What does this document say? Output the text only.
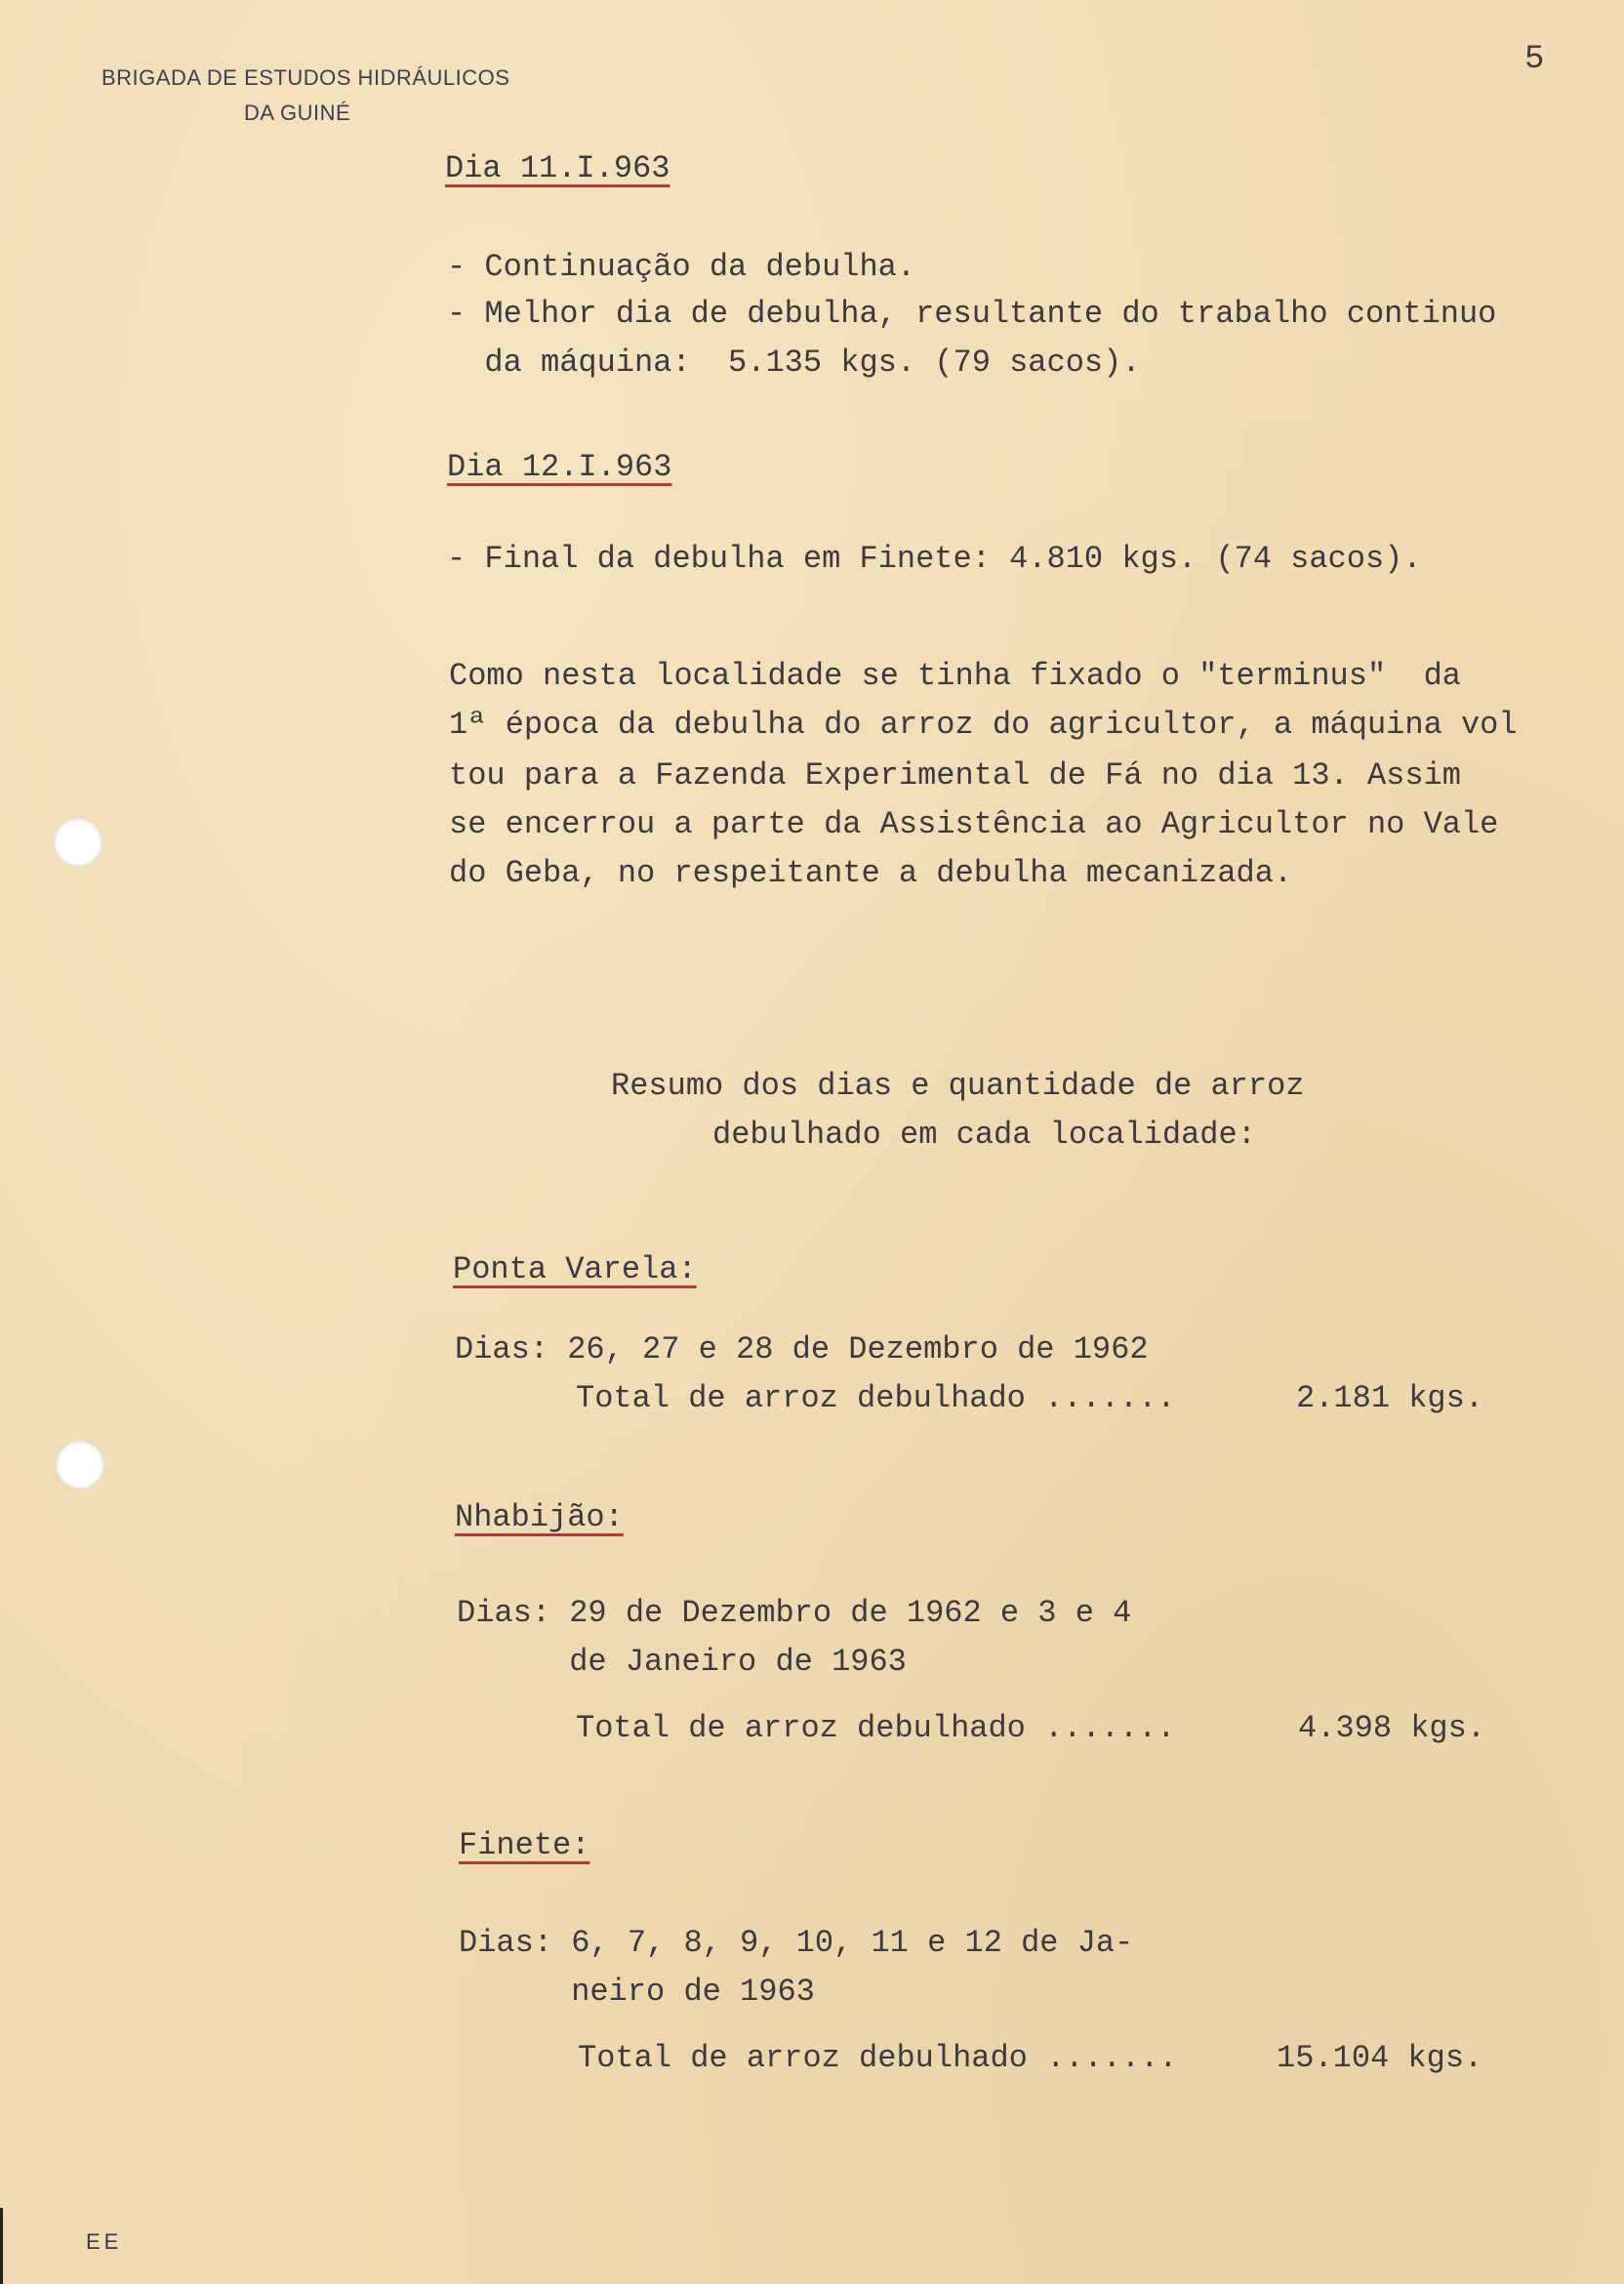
BRIGADA DE ESTUDOS HIDRÁULICOS
DA GUINÉ
5
Dia 11.I.963
- Continuação da debulha.
- Melhor dia de debulha, resultante do trabalho continuo
da máquina:  5.135 kgs. (79 sacos).
Dia 12.I.963
- Final da debulha em Finete: 4.810 kgs. (74 sacos).
Como nesta localidade se tinha fixado o "terminus"  da
1ª época da debulha do arroz do agricultor, a máquina vol
tou para a Fazenda Experimental de Fá no dia 13. Assim
se encerrou a parte da Assistência ao Agricultor no Vale
do Geba, no respeitante a debulha mecanizada.
Resumo dos dias e quantidade de arroz
debulhado em cada localidade:
Ponta Varela:
Dias: 26, 27 e 28 de Dezembro de 1962
Total de arroz debulhado .......	2.181 kgs.
Nhabijão:
Dias: 29 de Dezembro de 1962 e 3 e 4
de Janeiro de 1963
Total de arroz debulhado .......	4.398 kgs.
Finete:
Dias: 6, 7, 8, 9, 10, 11 e 12 de Ja-
neiro de 1963
Total de arroz debulhado .......	15.104 kgs.
EE
